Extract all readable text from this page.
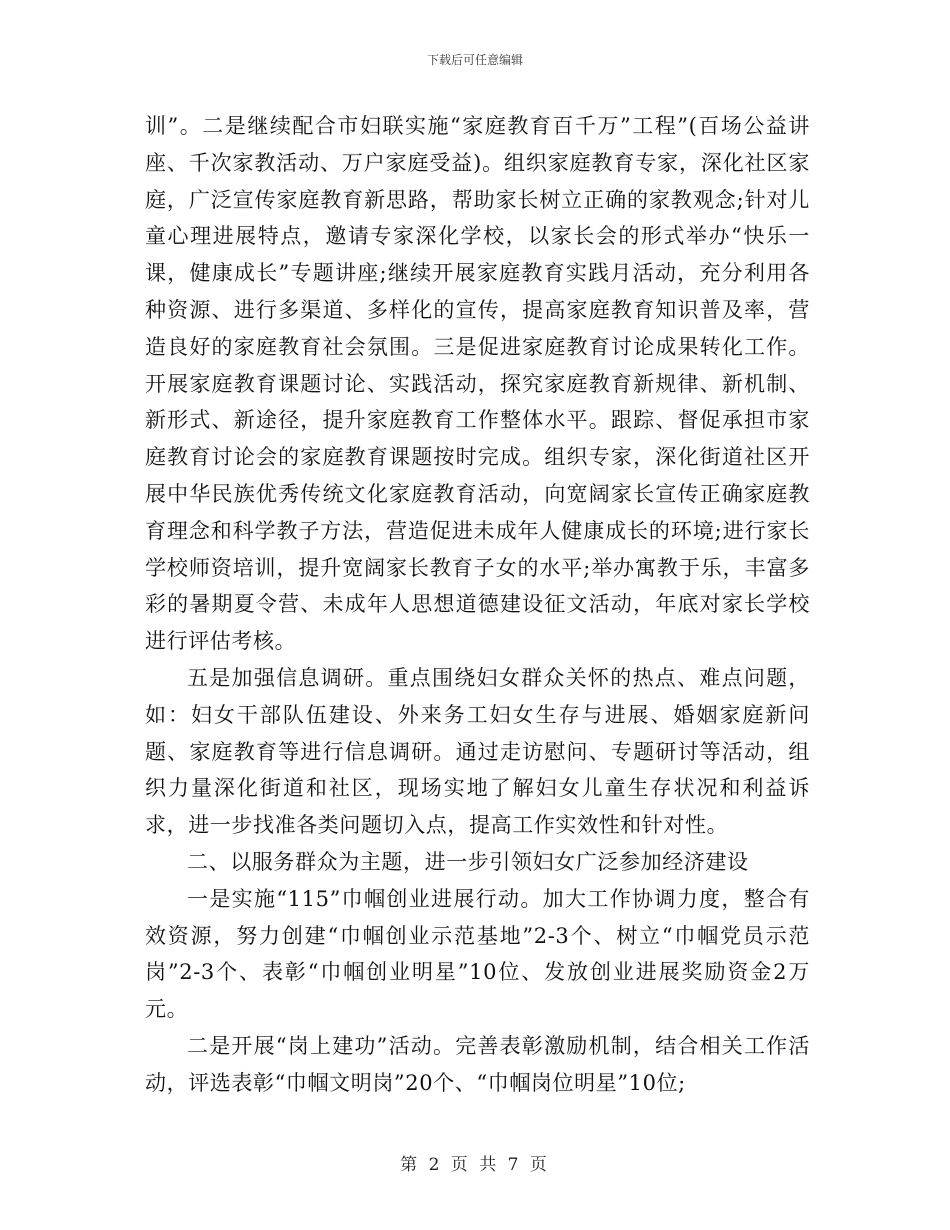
下载后可任意编辑

训”。二是继续配合市妇联实施“家庭教育百千万”工程”(百场公益讲座、千次家教活动、万户家庭受益)。组织家庭教育专家，深化社区家庭，广泛宣传家庭教育新思路，帮助家长树立正确的家教观念;针对儿童心理进展特点，邀请专家深化学校，以家长会的形式举办“快乐一课，健康成长”专题讲座;继续开展家庭教育实践月活动，充分利用各种资源、进行多渠道、多样化的宣传，提高家庭教育知识普及率，营造良好的家庭教育社会氛围。三是促进家庭教育讨论成果转化工作。开展家庭教育课题讨论、实践活动，探究家庭教育新规律、新机制、新形式、新途径，提升家庭教育工作整体水平。跟踪、督促承担市家庭教育讨论会的家庭教育课题按时完成。组织专家，深化街道社区开展中华民族优秀传统文化家庭教育活动，向宽阔家长宣传正确家庭教育理念和科学教子方法，营造促进未成年人健康成长的环境;进行家长学校师资培训，提升宽阔家长教育子女的水平;举办寓教于乐，丰富多彩的暑期夏令营、未成年人思想道德建设征文活动，年底对家长学校进行评估考核。

五是加强信息调研。重点围绕妇女群众关怀的热点、难点问题，如：妇女干部队伍建设、外来务工妇女生存与进展、婚姻家庭新问题、家庭教育等进行信息调研。通过走访慰问、专题研讨等活动，组织力量深化街道和社区，现场实地了解妇女儿童生存状况和利益诉求，进一步找准各类问题切入点，提高工作实效性和针对性。

二、以服务群众为主题，进一步引领妇女广泛参加经济建设

一是实施“115”巾帼创业进展行动。加大工作协调力度，整合有效资源，努力创建“巾帼创业示范基地”2-3个、树立“巾帼党员示范岗”2-3个、表彰“巾帼创业明星”10位、发放创业进展奖励资金2万元。

二是开展“岗上建功”活动。完善表彰激励机制，结合相关工作活动，评选表彰“巾帼文明岗”20个、“巾帼岗位明星”10位;

第 2 页 共 7 页
